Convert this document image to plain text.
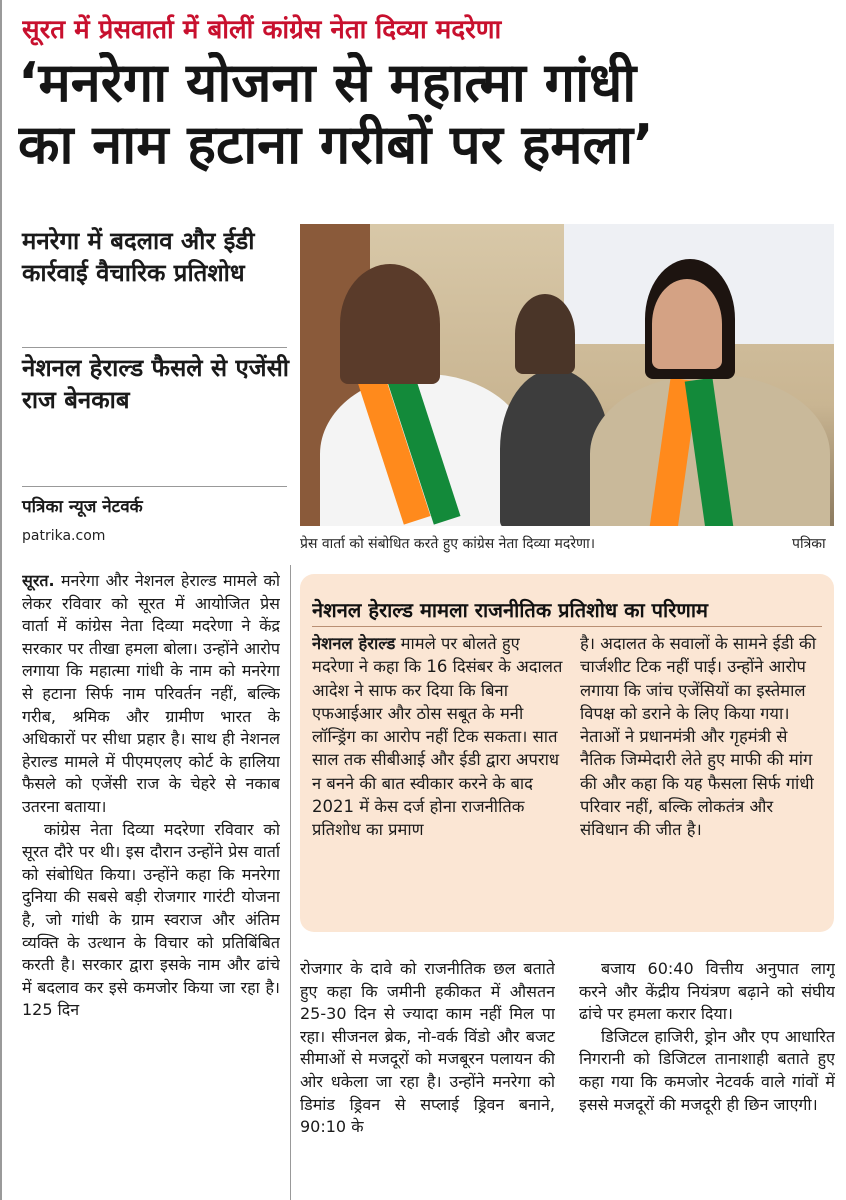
सूरत में प्रेसवार्ता में बोलीं कांग्रेस नेता दिव्या मदरेणा
‘मनरेगा योजना से महात्मा गांधी
का नाम हटाना गरीबों पर हमला’
मनरेगा में बदलाव और ईडी कार्रवाई वैचारिक प्रतिशोध
नेशनल हेराल्ड फैसले से एजेंसी राज बेनकाब
पत्रिका न्यूज नेटवर्क
patrika.com	प्रेस वार्ता को संबोधित करते हुए कांग्रेस नेता दिव्या मदरेणा।	पत्रिका
सूरत. मनरेगा और नेशनल हेराल्ड मामले को लेकर रविवार को सूरत में आयोजित प्रेस वार्ता में कांग्रेस नेता दिव्या मदरेणा ने केंद्र सरकार पर तीखा हमला बोला। उन्होंने आरोप लगाया कि महात्मा गांधी के नाम को मनरेगा से हटाना सिर्फ नाम परिवर्तन नहीं, बल्कि गरीब, श्रमिक और ग्रामीण भारत के अधिकारों पर सीधा प्रहार है। साथ ही नेशनल हेराल्ड मामले में पीएमएलए कोर्ट के हालिया फैसले को एजेंसी राज के चेहरे से नकाब उतरना बताया।
कांग्रेस नेता दिव्या मदरेणा रविवार को सूरत दौरे पर थी। इस दौरान उन्होंने प्रेस वार्ता को संबोधित किया। उन्होंने कहा कि मनरेगा दुनिया की सबसे बड़ी रोजगार गारंटी योजना है, जो गांधी के ग्राम स्वराज और अंतिम व्यक्ति के उत्थान के विचार को प्रतिबिंबित करती है। सरकार द्वारा इसके नाम और ढांचे में बदलाव कर इसे कमजोर किया जा रहा है। 125 दिन
नेशनल हेराल्ड मामला राजनीतिक प्रतिशोध का परिणाम
नेशनल हेराल्ड मामले पर बोलते हुए मदरेणा ने कहा कि 16 दिसंबर के अदालत आदेश ने साफ कर दिया कि बिना एफआईआर और ठोस सबूत के मनी लॉन्ड्रिंग का आरोप नहीं टिक सकता। सात साल तक सीबीआई और ईडी द्वारा अपराध न बनने की बात स्वीकार करने के बाद 2021 में केस दर्ज होना राजनीतिक प्रतिशोध का प्रमाण
है। अदालत के सवालों के सामने ईडी की चार्जशीट टिक नहीं पाई। उन्होंने आरोप लगाया कि जांच एजेंसियों का इस्तेमाल विपक्ष को डराने के लिए किया गया। नेताओं ने प्रधानमंत्री और गृहमंत्री से नैतिक जिम्मेदारी लेते हुए माफी की मांग की और कहा कि यह फैसला सिर्फ गांधी परिवार नहीं, बल्कि लोकतंत्र और संविधान की जीत है।
रोजगार के दावे को राजनीतिक छल बताते हुए कहा कि जमीनी हकीकत में औसतन 25-30 दिन से ज्यादा काम नहीं मिल पा रहा। सीजनल ब्रेक, नो-वर्क विंडो और बजट सीमाओं से मजदूरों को मजबूरन पलायन की ओर धकेला जा रहा है। उन्होंने मनरेगा को डिमांड ड्रिवन से सप्लाई ड्रिवन बनाने, 90:10 के
बजाय 60:40 वित्तीय अनुपात लागू करने और केंद्रीय नियंत्रण बढ़ाने को संघीय ढांचे पर हमला करार दिया।
डिजिटल हाजिरी, ड्रोन और एप आधारित निगरानी को डिजिटल तानाशाही बताते हुए कहा गया कि कमजोर नेटवर्क वाले गांवों में इससे मजदूरों की मजदूरी ही छिन जाएगी।
